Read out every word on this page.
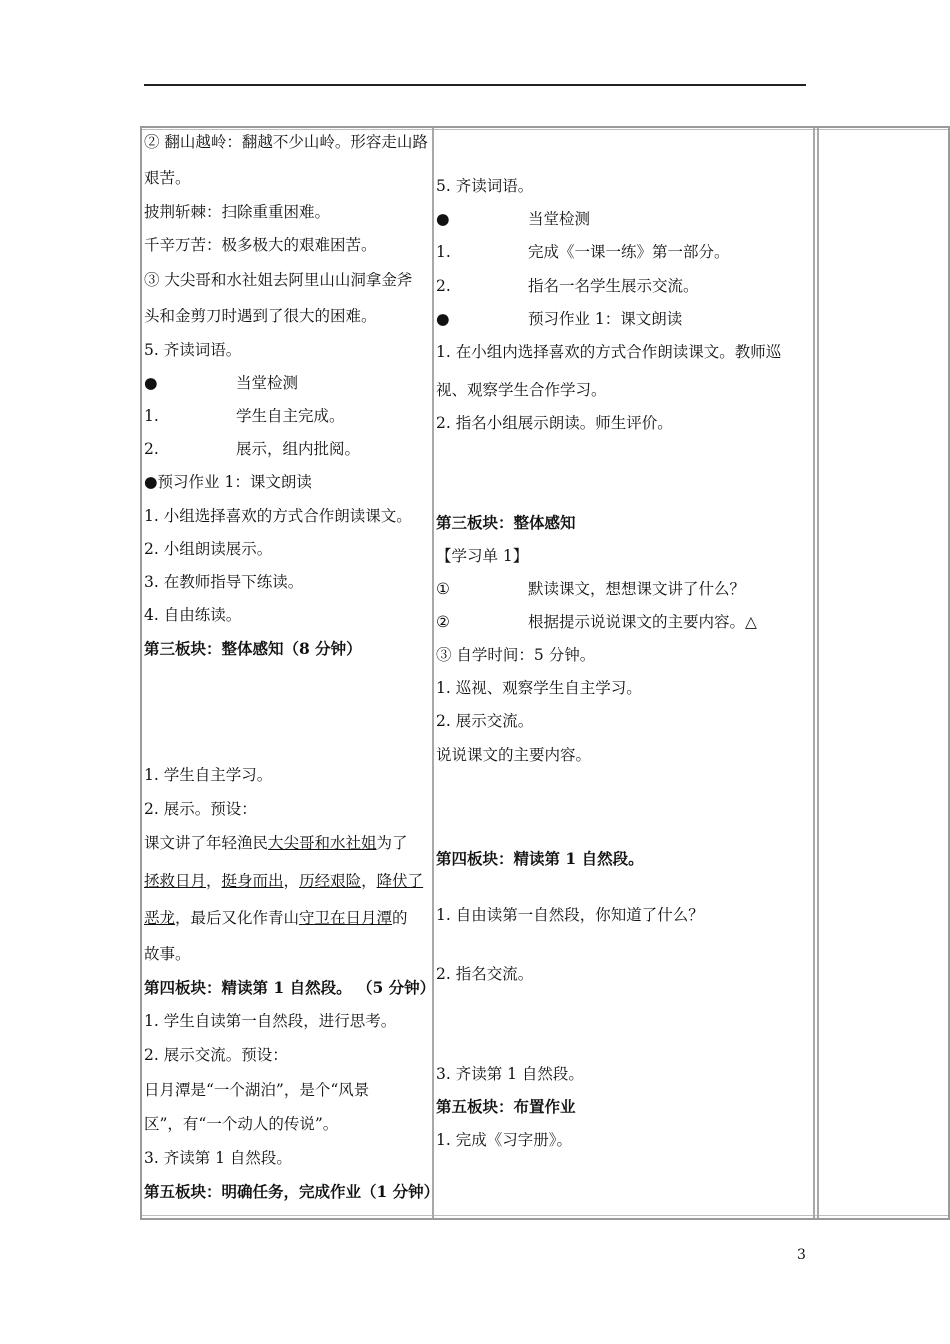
② 翻山越岭：翻越不少山岭。形容走山路
艰苦。
披荆斩棘：扫除重重困难。
千辛万苦：极多极大的艰难困苦。
③ 大尖哥和水社姐去阿里山山洞拿金斧
头和金剪刀时遇到了很大的困难。
5. 齐读词语。
●	当堂检测
1.	学生自主完成。
2.	展示，组内批阅。
●预习作业 1：课文朗读
1. 小组选择喜欢的方式合作朗读课文。
2. 小组朗读展示。
3. 在教师指导下练读。
4. 自由练读。
第三板块：整体感知（8 分钟）
1. 学生自主学习。
2. 展示。预设：
课文讲了年轻渔民大尖哥和水社姐为了
拯救日月，挺身而出，历经艰险，降伏了
恶龙，最后又化作青山守卫在日月潭的
故事。
第四板块：精读第 1 自然段。 （5 分钟）
1. 学生自读第一自然段，进行思考。
2. 展示交流。预设：
日月潭是“一个湖泊”，是个“风景
区”，有“一个动人的传说”。
3. 齐读第 1 自然段。
第五板块：明确任务，完成作业（1 分钟）
5. 齐读词语。
●	当堂检测
1.	完成《一课一练》第一部分。
2.	指名一名学生展示交流。
●	预习作业 1：课文朗读
1. 在小组内选择喜欢的方式合作朗读课文。教师巡
视、观察学生合作学习。
2. 指名小组展示朗读。师生评价。
第三板块：整体感知
【学习单 1】
①	默读课文，想想课文讲了什么？
②	根据提示说说课文的主要内容。△
③ 自学时间：5 分钟。
1. 巡视、观察学生自主学习。
2. 展示交流。
说说课文的主要内容。
第四板块：精读第 1 自然段。
1. 自由读第一自然段，你知道了什么？
2. 指名交流。
3. 齐读第 1 自然段。
第五板块：布置作业
1. 完成《习字册》。
3
